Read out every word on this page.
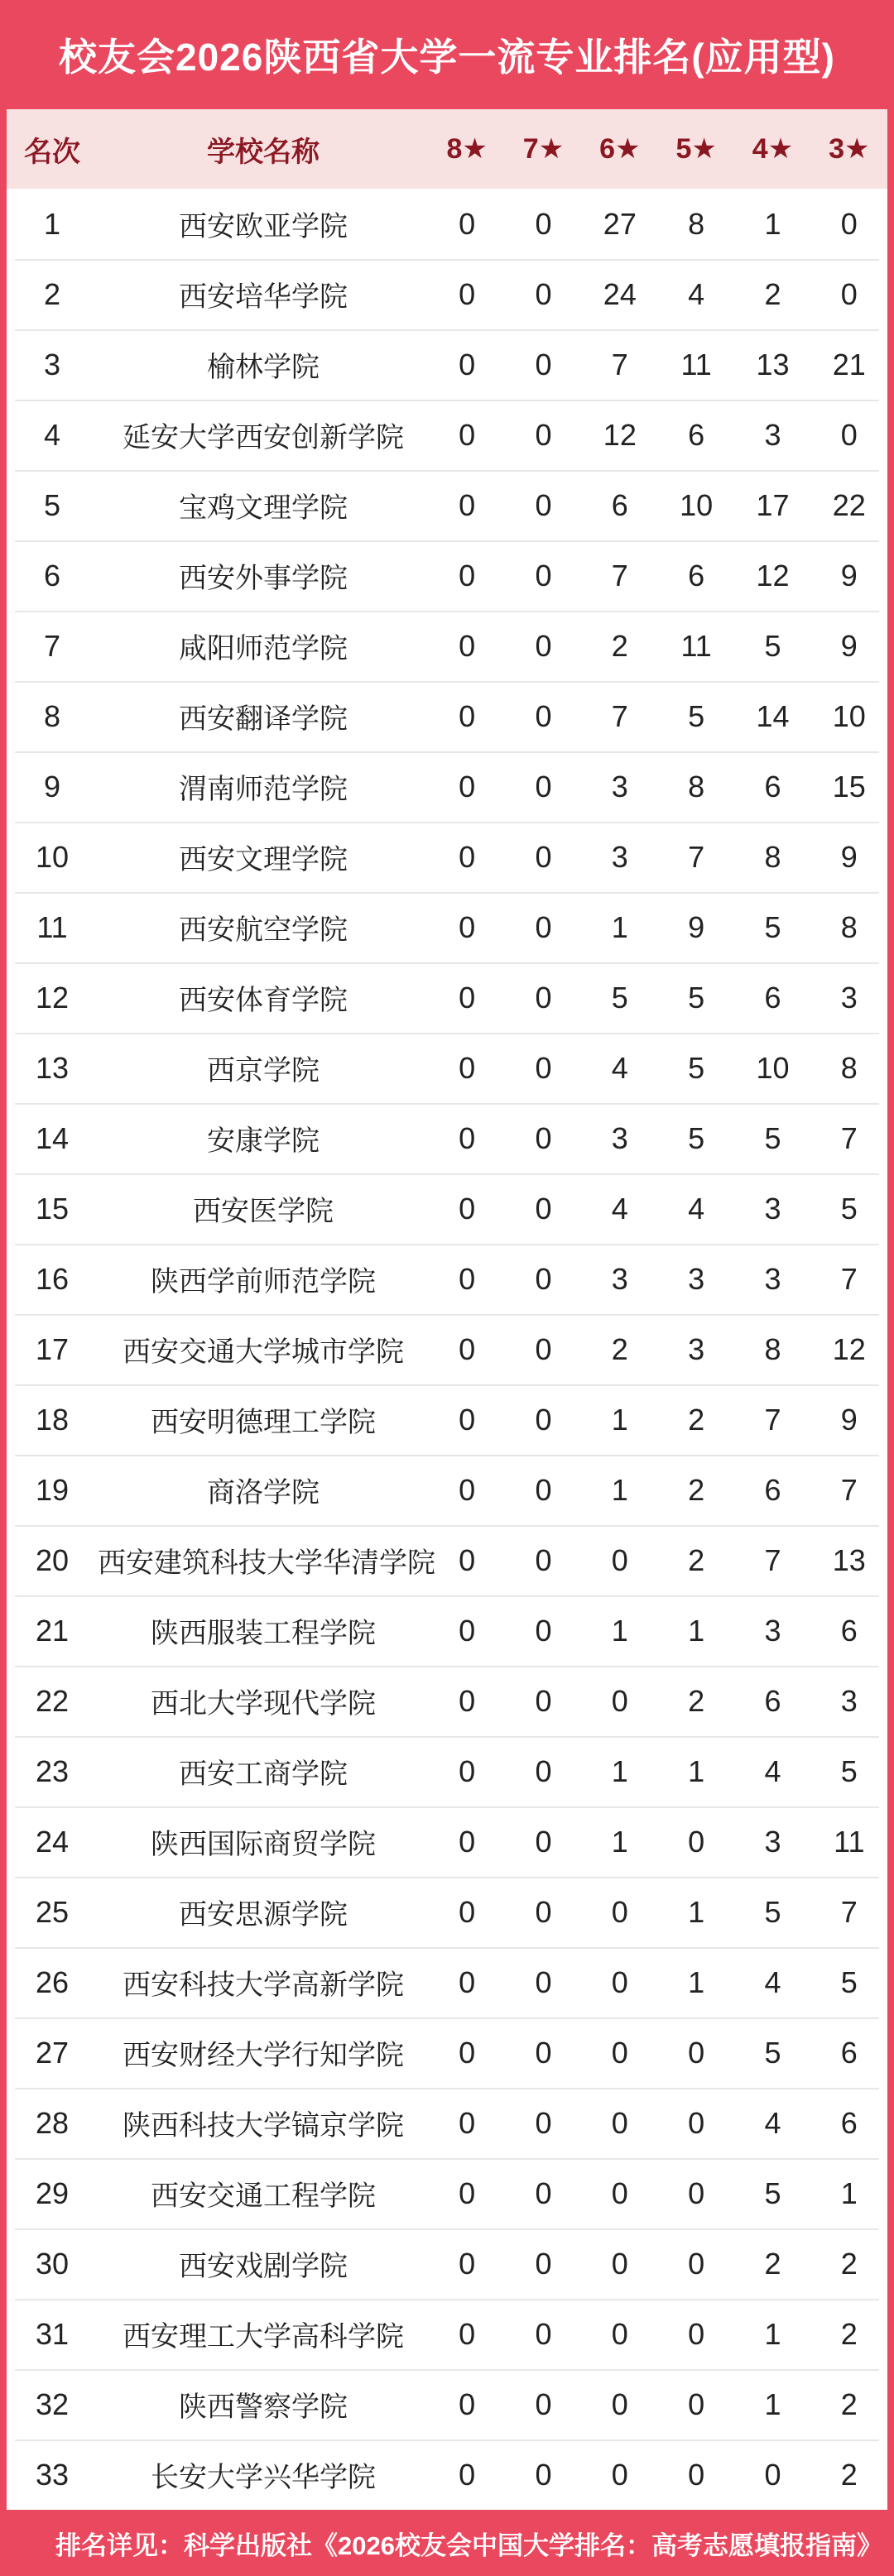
校友会2026陕西省大学一流专业排名(应用型)
名次	学校名称	8★	7★	6★	5★	4★	3★
1	西安欧亚学院	0	0	27	8	1	0
2	西安培华学院	0	0	24	4	2	0
3	榆林学院	0	0	7	11	13	21
4	延安大学西安创新学院	0	0	12	6	3	0
5	宝鸡文理学院	0	0	6	10	17	22
6	西安外事学院	0	0	7	6	12	9
7	咸阳师范学院	0	0	2	11	5	9
8	西安翻译学院	0	0	7	5	14	10
9	渭南师范学院	0	0	3	8	6	15
10	西安文理学院	0	0	3	7	8	9
11	西安航空学院	0	0	1	9	5	8
12	西安体育学院	0	0	5	5	6	3
13	西京学院	0	0	4	5	10	8
14	安康学院	0	0	3	5	5	7
15	西安医学院	0	0	4	4	3	5
16	陕西学前师范学院	0	0	3	3	3	7
17	西安交通大学城市学院	0	0	2	3	8	12
18	西安明德理工学院	0	0	1	2	7	9
19	商洛学院	0	0	1	2	6	7
20	西安建筑科技大学华清学院 0	0	0	2	7	13
21	陕西服装工程学院	0	0	1	1	3	6
22	西北大学现代学院	0	0	0	2	6	3
23	西安工商学院	0	0	1	1	4	5
24	陕西国际商贸学院	0	0	1	0	3	11
25	西安思源学院	0	0	0	1	5	7
26	西安科技大学高新学院	0	0	0	1	4	5
27	西安财经大学行知学院	0	0	0	0	5	6
28	陕西科技大学镐京学院	0	0	0	0	4	6
29	西安交通工程学院	0	0	0	0	5	1
30	西安戏剧学院	0	0	0	0	2	2
31	西安理工大学高科学院	0	0	0	0	1	2
32	陕西警察学院	0	0	0	0	1	2
33	长安大学兴华学院	0	0	0	0	0	2
排名详见：科学出版社《2026校友会中国大学排名：高考志愿填报指南》
